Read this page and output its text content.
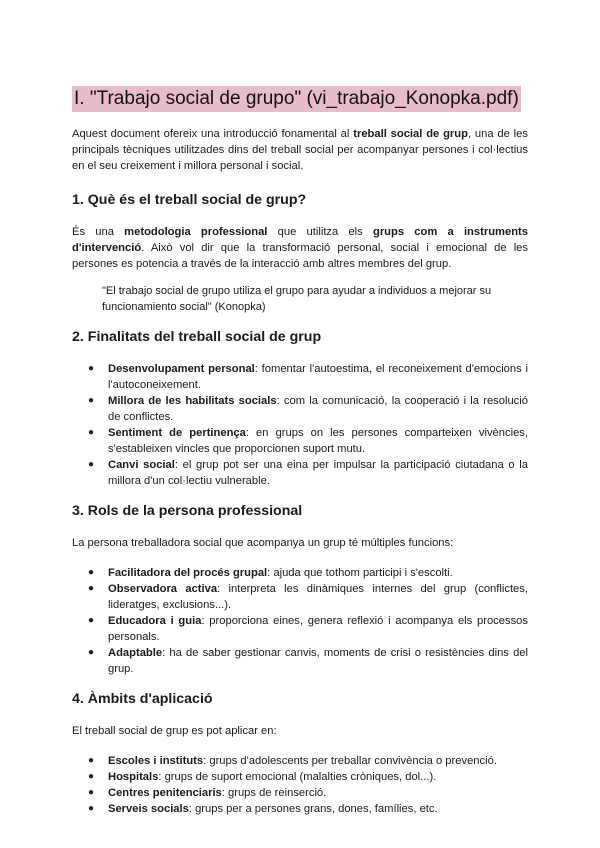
I. "Trabajo social de grupo" (vi_trabajo_Konopka.pdf)

Aquest document ofereix una introducció fonamental al treball social de grup, una de les principals tècniques utilitzades dins del treball social per acompanyar persones i col·lectius en el seu creixement i millora personal i social.

1. Què és el treball social de grup?

És una metodologia professional que utilitza els grups com a instruments d'intervenció. Això vol dir que la transformació personal, social i emocional de les persones es potencia a través de la interacció amb altres membres del grup.

"El trabajo social de grupo utiliza el grupo para ayudar a individuos a mejorar su funcionamiento social" (Konopka)

2. Finalitats del treball social de grup
● Desenvolupament personal: fomentar l'autoestima, el reconeixement d'emocions i l'autoconeixement.
● Millora de les habilitats socials: com la comunicació, la cooperació i la resolució de conflictes.
● Sentiment de pertinença: en grups on les persones comparteixen vivències, s'estableixen vincles que proporcionen suport mutu.
● Canvi social: el grup pot ser una eina per impulsar la participació ciutadana o la millora d'un col·lectiu vulnerable.
3. Rols de la persona professional

La persona treballadora social que acompanya un grup té múltiples funcions:

● Facilitadora del procés grupal: ajuda que tothom participi i s'escolti.
● Observadora activa: interpreta les dinàmiques internes del grup (conflictes, lideratges, exclusions...).
● Educadora i guia: proporciona eines, genera reflexió i acompanya els processos personals.
● Adaptable: ha de saber gestionar canvis, moments de crisi o resistències dins del grup.
4. Àmbits d'aplicació

El treball social de grup es pot aplicar en:

● Escoles i instituts: grups d'adolescents per treballar convivència o prevenció.
● Hospitals: grups de suport emocional (malalties cròniques, dol...).
● Centres penitenciaris: grups de reinserció.
● Serveis socials: grups per a persones grans, dones, famílies, etc.
